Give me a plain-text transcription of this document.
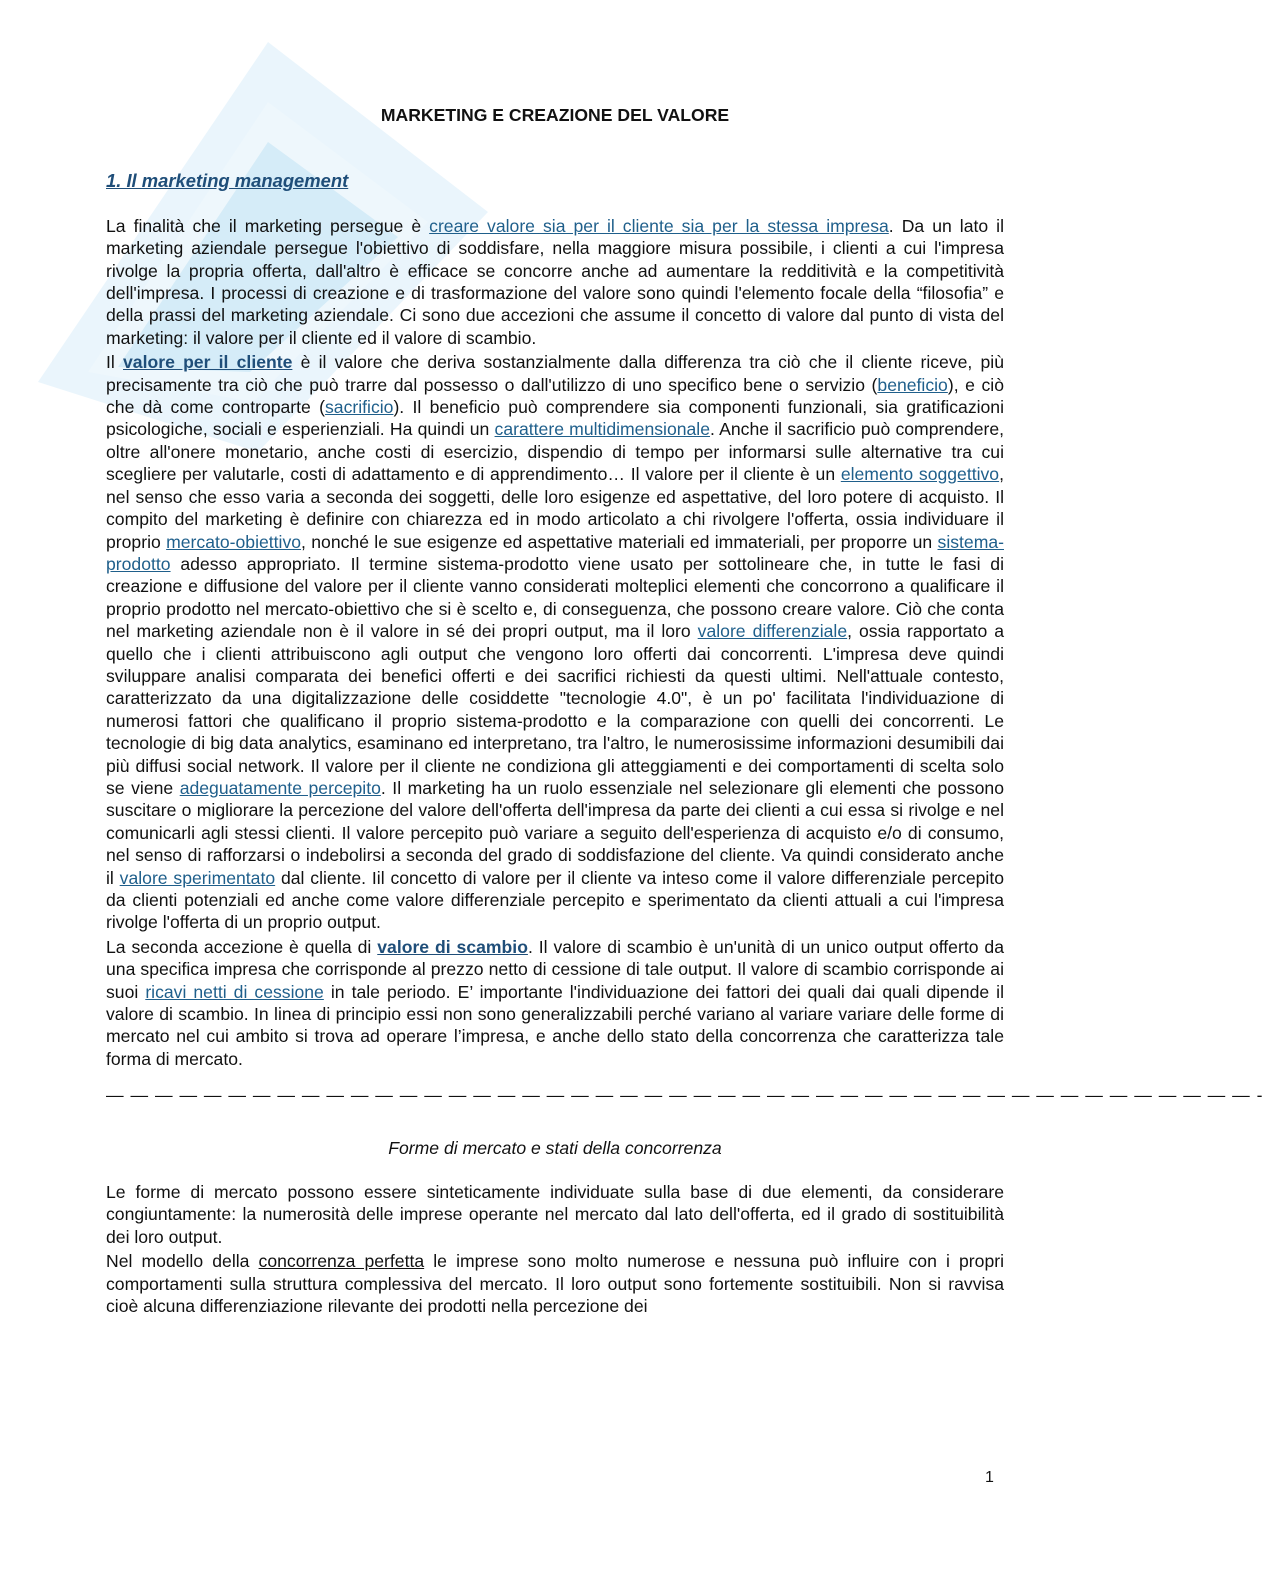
MARKETING E CREAZIONE DEL VALORE
1. Il marketing management

La finalità che il marketing persegue è creare valore sia per il cliente sia per la stessa impresa. Da un lato il marketing aziendale persegue l'obiettivo di soddisfare, nella maggiore misura possibile, i clienti a cui l'impresa rivolge la propria offerta, dall'altro è efficace se concorre anche ad aumentare la redditività e la competitività dell'impresa. I processi di creazione e di trasformazione del valore sono quindi l'elemento focale della “filosofia” e della prassi del marketing aziendale. Ci sono due accezioni che assume il concetto di valore dal punto di vista del marketing: il valore per il cliente ed il valore di scambio.

Il valore per il cliente è il valore che deriva sostanzialmente dalla differenza tra ciò che il cliente riceve, più precisamente tra ciò che può trarre dal possesso o dall'utilizzo di uno specifico bene o servizio (beneficio), e ciò che dà come controparte (sacrificio). Il beneficio può comprendere sia componenti funzionali, sia gratificazioni psicologiche, sociali e esperienziali. Ha quindi un carattere multidimensionale. Anche il sacrificio può comprendere, oltre all'onere monetario, anche costi di esercizio, dispendio di tempo per informarsi sulle alternative tra cui scegliere per valutarle, costi di adattamento e di apprendimento… Il valore per il cliente è un elemento soggettivo, nel senso che esso varia a seconda dei soggetti, delle loro esigenze ed aspettative, del loro potere di acquisto. Il compito del marketing è definire con chiarezza ed in modo articolato a chi rivolgere l'offerta, ossia individuare il proprio mercato-obiettivo, nonché le sue esigenze ed aspettative materiali ed immateriali, per proporre un sistema-prodotto adesso appropriato. Il termine sistema-prodotto viene usato per sottolineare che, in tutte le fasi di creazione e diffusione del valore per il cliente vanno considerati molteplici elementi che concorrono a qualificare il proprio prodotto nel mercato-obiettivo che si è scelto e, di conseguenza, che possono creare valore. Ciò che conta nel marketing aziendale non è il valore in sé dei propri output, ma il loro valore differenziale, ossia rapportato a quello che i clienti attribuiscono agli output che vengono loro offerti dai concorrenti. L'impresa deve quindi sviluppare analisi comparata dei benefici offerti e dei sacrifici richiesti da questi ultimi. Nell'attuale contesto, caratterizzato da una digitalizzazione delle cosiddette "tecnologie 4.0", è un po' facilitata l'individuazione di numerosi fattori che qualificano il proprio sistema-prodotto e la comparazione con quelli dei concorrenti. Le tecnologie di big data analytics, esaminano ed interpretano, tra l'altro, le numerosissime informazioni desumibili dai più diffusi social network. Il valore per il cliente ne condiziona gli atteggiamenti e dei comportamenti di scelta solo se viene adeguatamente percepito. Il marketing ha un ruolo essenziale nel selezionare gli elementi che possono suscitare o migliorare la percezione del valore dell'offerta dell'impresa da parte dei clienti a cui essa si rivolge e nel comunicarli agli stessi clienti. Il valore percepito può variare a seguito dell'esperienza di acquisto e/o di consumo, nel senso di rafforzarsi o indebolirsi a seconda del grado di soddisfazione del cliente. Va quindi considerato anche il valore sperimentato dal cliente. Iil concetto di valore per il cliente va inteso come il valore differenziale percepito da clienti potenziali ed anche come valore differenziale percepito e sperimentato da clienti attuali a cui l'impresa rivolge l'offerta di un proprio output.

La seconda accezione è quella di valore di scambio. Il valore di scambio è un'unità di un unico output offerto da una specifica impresa che corrisponde al prezzo netto di cessione di tale output. Il valore di scambio corrisponde ai suoi ricavi netti di cessione in tale periodo. E’ importante l'individuazione dei fattori dei quali dai quali dipende il valore di scambio. In linea di principio essi non sono generalizzabili perché variano al variare variare delle forme di mercato nel cui ambito si trova ad operare l’impresa, e anche dello stato della concorrenza che caratterizza tale forma di mercato.

— — — — — — — — — — — — — — — — — — — — — — — — — — — — — — — — — — — — — — — — — — — — — — — -
Forme di mercato e stati della concorrenza

Le forme di mercato possono essere sinteticamente individuate sulla base di due elementi, da considerare congiuntamente: la numerosità delle imprese operante nel mercato dal lato dell'offerta, ed il grado di sostituibilità dei loro output.

Nel modello della concorrenza perfetta le imprese sono molto numerose e nessuna può influire con i propri comportamenti sulla struttura complessiva del mercato. Il loro output sono fortemente sostituibili. Non si ravvisa cioè alcuna differenziazione rilevante dei prodotti nella percezione dei

1
